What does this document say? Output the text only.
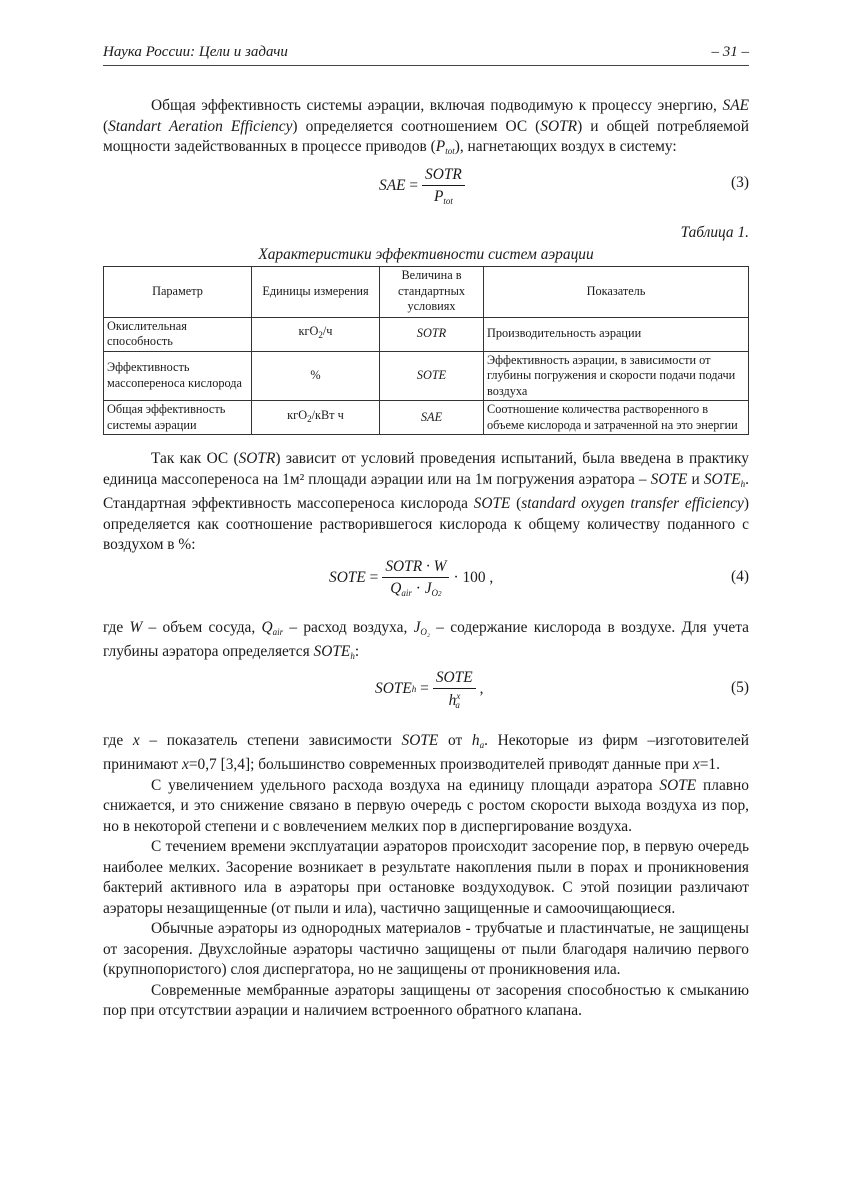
Наука России: Цели и задачи	– 31 –

Общая эффективность системы аэрации, включая подводимую к процессу энергию, SAE (Standart Aeration Efficiency) определяется соотношением ОС (SOTR) и общей потребляемой мощности задействованных в процессе приводов $(P_{tot})$, нагнетающих воздух в систему:

SAE
= $\frac{\text{SOTR}}{P_{tot}}$	(3)
Таблица 1.
Характеристики эффективности систем аэрации
Параметр	Единицы измерения	Величина в стандартных условиях	Показатель
Окислительная способность	кгО$_2$/ч	SOTR	Производительность аэрации
Эффективность массопереноса кислорода	%	SOTE	Эффективность аэрации, в зависимости от глубины погружения и скорости подачи подачи воздуха
Общая эффективность системы аэрации	кгО$_2$/кВт ч	SAE	Соотношение количества растворенного в объеме кислорода и затраченной на это энергии

Так как ОС (SOTR) зависит от условий проведения испытаний, была введена в практику единица массопереноса на 1м² площади аэрации или на 1м погружения аэратора – SOTE и $SOTE_h$. Стандартная эффективность массопереноса кислорода SOTE (standard oxygen transfer efficiency) определяется как соотношение растворившегося кислорода к общему количеству поданного с воздухом в %:

SOTE
= $\frac{\text{SOTR · W}}{Q_{air} \cdot J_{O2}} \cdot 100$ ,	(4)

где W – объем сосуда, $Q_{air}$ – расход воздуха, $J_{O_2}$ – содержание кислорода в воздухе. Для учета глубины аэратора определяется $SOTE_h$:

SOTE h
= $\frac{\text{SOTE}}{h^x_a}$ ,	(5)

где x – показатель степени зависимости SOTE от $h_a$. Некоторые из фирм –изготовителей принимают x=0,7 [3,4]; большинство современных производителей приводят данные при x=1.

С увеличением удельного расхода воздуха на единицу площади аэратора SOTE плавно снижается, и это снижение связано в первую очередь с ростом скорости выхода воздуха из пор, но в некоторой степени и с вовлечением мелких пор в диспергирование воздуха.

С течением времени эксплуатации аэраторов происходит засорение пор, в первую очередь наиболее мелких. Засорение возникает в результате накопления пыли в порах и проникновения бактерий активного ила в аэраторы при остановке воздуходувок. С этой позиции различают аэраторы незащищенные (от пыли и ила), частично защищенные и самоочищающиеся.

Обычные аэраторы из однородных материалов - трубчатые и пластинчатые, не защищены от засорения. Двухслойные аэраторы частично защищены от пыли благодаря наличию первого (крупнопористого) слоя диспергатора, но не защищены от проникновения ила.

Современные мембранные аэраторы защищены от засорения способностью к смыканию пор при отсутствии аэрации и наличием встроенного обратного клапана.
